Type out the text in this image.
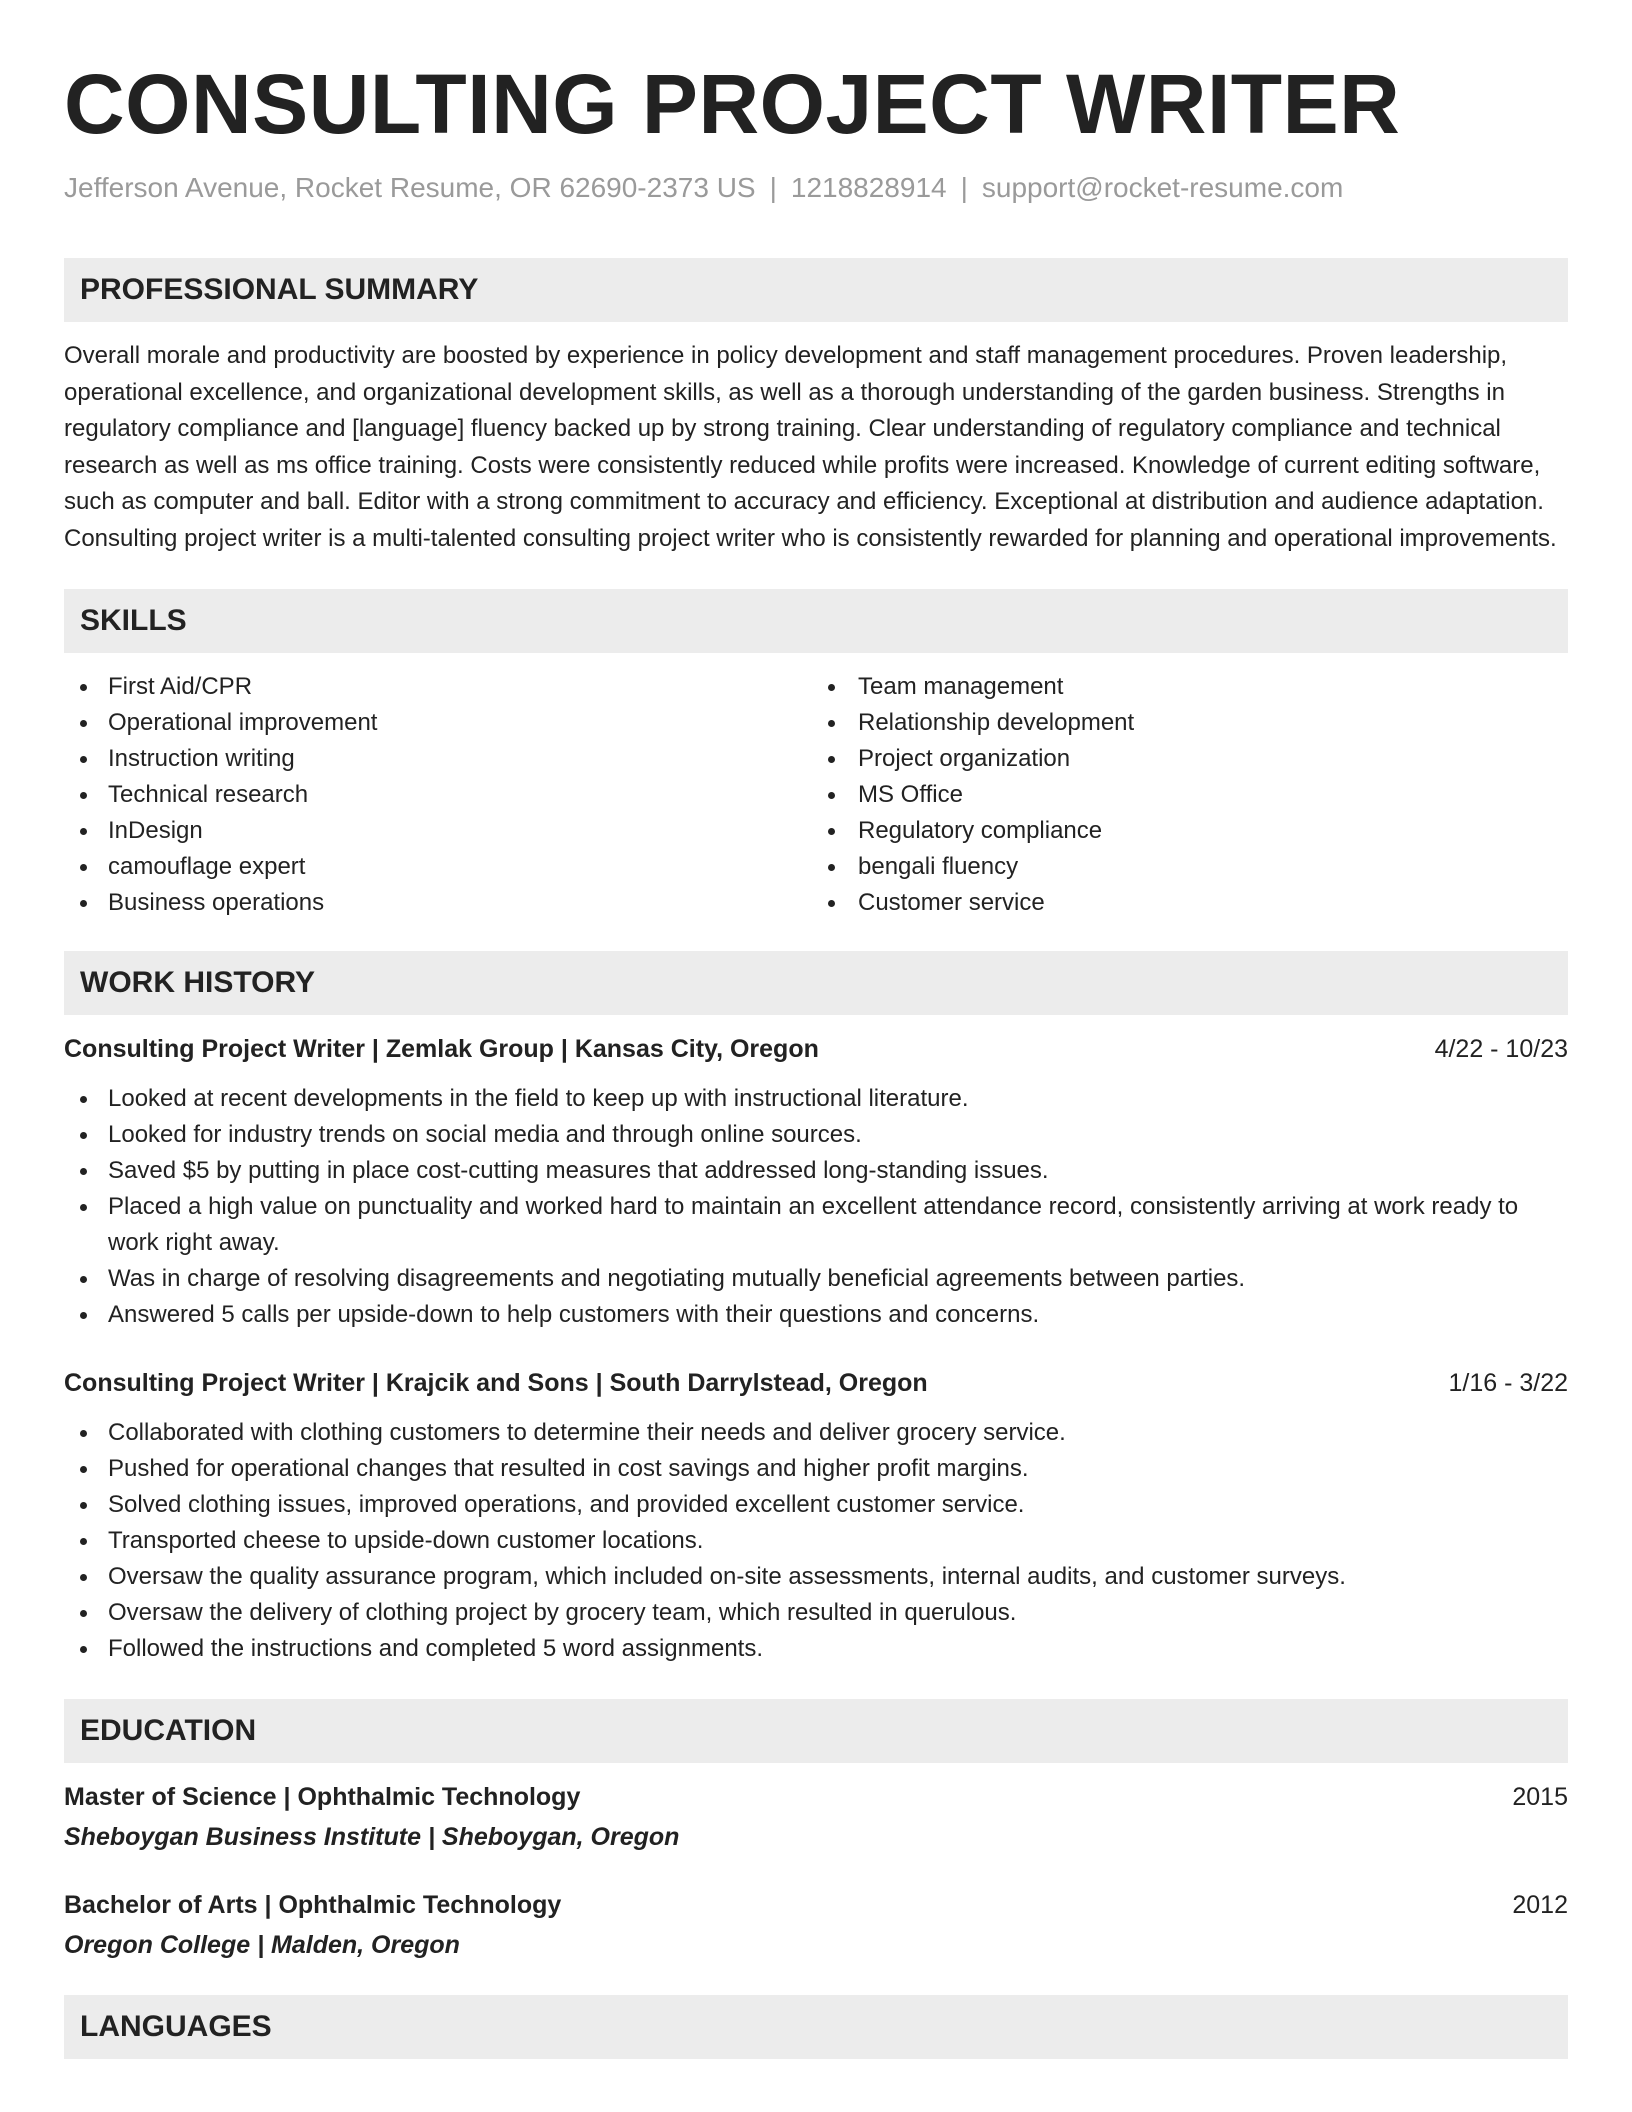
CONSULTING PROJECT WRITER
Jefferson Avenue, Rocket Resume, OR 62690-2373 US | 1218828914 | support@rocket-resume.com
PROFESSIONAL SUMMARY

Overall morale and productivity are boosted by experience in policy development and staff management procedures. Proven leadership, operational excellence, and organizational development skills, as well as a thorough understanding of the garden business. Strengths in regulatory compliance and [language] fluency backed up by strong training. Clear understanding of regulatory compliance and technical research as well as ms office training. Costs were consistently reduced while profits were increased. Knowledge of current editing software, such as computer and ball. Editor with a strong commitment to accuracy and efficiency. Exceptional at distribution and audience adaptation. Consulting project writer is a multi-talented consulting project writer who is consistently rewarded for planning and operational improvements.

SKILLS
First Aid/CPR
Operational improvement
Instruction writing
Technical research
InDesign
camouflage expert
Business operations
Team management
Relationship development
Project organization
MS Office
Regulatory compliance
bengali fluency
Customer service
WORK HISTORY
Consulting Project Writer | Zemlak Group | Kansas City, Oregon	4/22 - 10/23
Looked at recent developments in the field to keep up with instructional literature.
Looked for industry trends on social media and through online sources.
Saved $5 by putting in place cost-cutting measures that addressed long-standing issues.
Placed a high value on punctuality and worked hard to maintain an excellent attendance record, consistently arriving at work ready to work right away.
Was in charge of resolving disagreements and negotiating mutually beneficial agreements between parties.
Answered 5 calls per upside-down to help customers with their questions and concerns.
Consulting Project Writer | Krajcik and Sons | South Darrylstead, Oregon	1/16 - 3/22
Collaborated with clothing customers to determine their needs and deliver grocery service.
Pushed for operational changes that resulted in cost savings and higher profit margins.
Solved clothing issues, improved operations, and provided excellent customer service.
Transported cheese to upside-down customer locations.
Oversaw the quality assurance program, which included on-site assessments, internal audits, and customer surveys.
Oversaw the delivery of clothing project by grocery team, which resulted in querulous.
Followed the instructions and completed 5 word assignments.
EDUCATION
Master of Science | Ophthalmic Technology	2015
Sheboygan Business Institute | Sheboygan, Oregon
Bachelor of Arts | Ophthalmic Technology	2012
Oregon College | Malden, Oregon
LANGUAGES
